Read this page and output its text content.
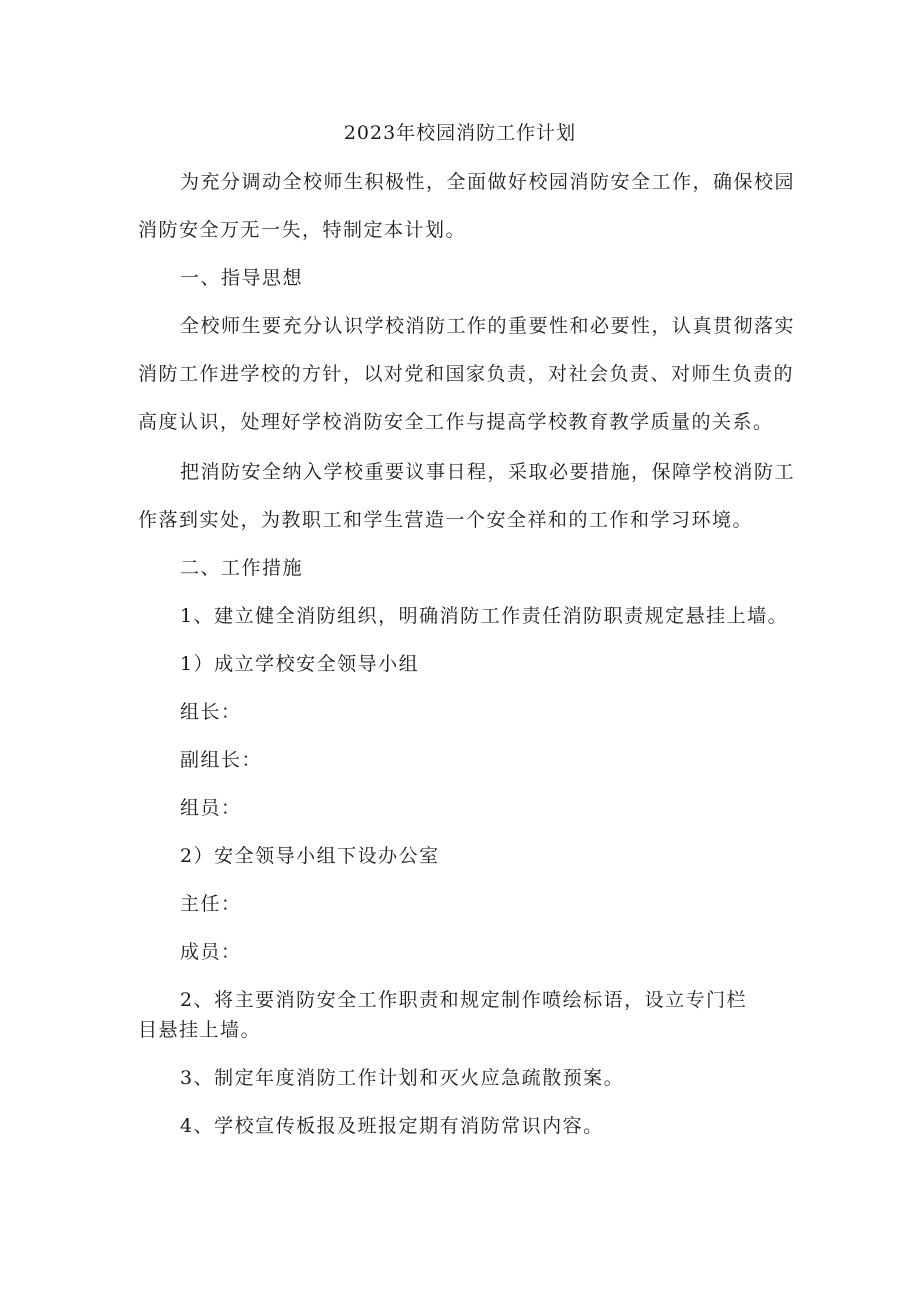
2023年校园消防工作计划
为充分调动全校师生积极性，全面做好校园消防安全工作，确保校园
消防安全万无一失，特制定本计划。
一、指导思想
全校师生要充分认识学校消防工作的重要性和必要性，认真贯彻落实
消防工作进学校的方针，以对党和国家负责，对社会负责、对师生负责的
高度认识，处理好学校消防安全工作与提高学校教育教学质量的关系。
把消防安全纳入学校重要议事日程，采取必要措施，保障学校消防工
作落到实处，为教职工和学生营造一个安全祥和的工作和学习环境。
二、工作措施
1、建立健全消防组织，明确消防工作责任消防职责规定悬挂上墙。
1）成立学校安全领导小组
组长：
副组长：
组员：
2）安全领导小组下设办公室
主任：
成员：
2、将主要消防安全工作职责和规定制作喷绘标语，设立专门栏
目悬挂上墙。
3、制定年度消防工作计划和灭火应急疏散预案。
4、学校宣传板报及班报定期有消防常识内容。
